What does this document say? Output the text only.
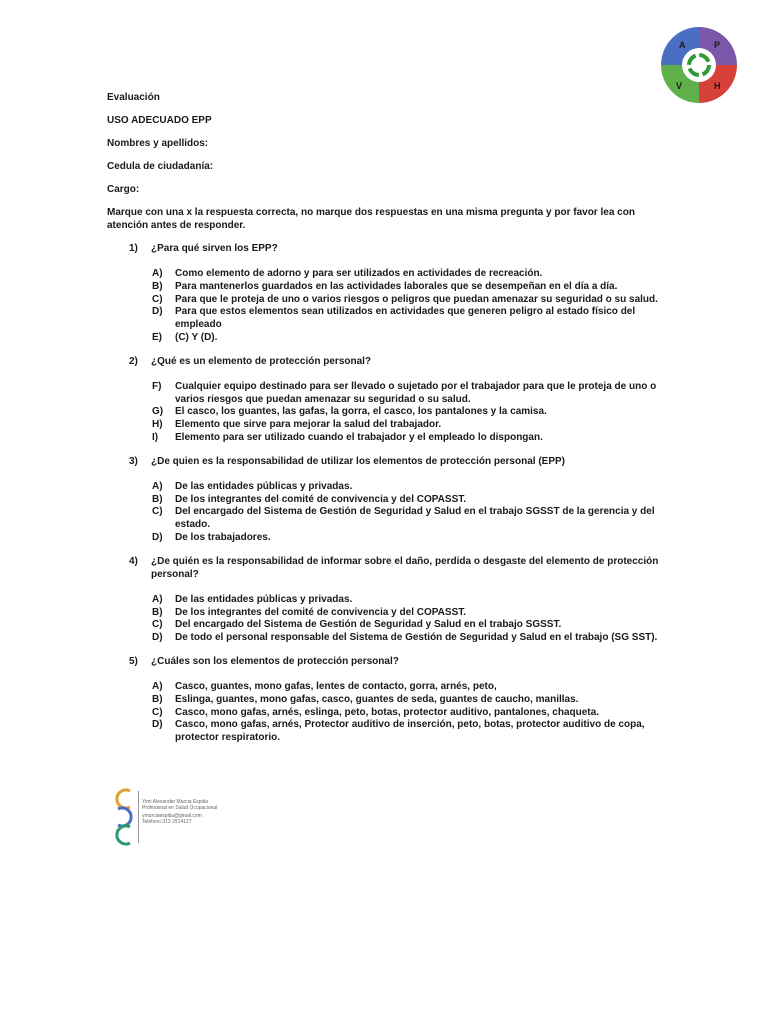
A	P
V	H
Evaluación
USO ADECUADO EPP
Nombres y apellidos:
Cedula de ciudadanía:
Cargo:
Marque con una x la respuesta correcta, no marque dos respuestas en una misma pregunta y por favor lea con atención antes de responder.
1)	¿Para qué sirven los EPP?
A)	Como elemento de adorno y para ser utilizados en actividades de recreación.
B)	Para mantenerlos guardados en las actividades laborales que se desempeñan en el día a día.
C)	Para que le proteja de uno o varios riesgos o peligros que puedan amenazar su seguridad o su salud.
D)	Para que estos elementos sean utilizados en actividades que generen peligro al estado físico del empleado
E)	(C) Y (D).
2)	¿Qué es un elemento de protección personal?
F)	Cualquier equipo destinado para ser llevado o sujetado por el trabajador para que le proteja de uno o varios riesgos que puedan amenazar su seguridad o su salud.
G)	El casco, los guantes, las gafas, la gorra, el casco, los pantalones y la camisa.
H)	Elemento que sirve para mejorar la salud del trabajador.
I)	Elemento para ser utilizado cuando el trabajador y el empleado lo dispongan.
3)	¿De quien es la responsabilidad de utilizar los elementos de protección personal (EPP)
A)	De las entidades públicas y privadas.
B)	De los integrantes del comité de convivencia y del COPASST.
C)	Del encargado del Sistema de Gestión de Seguridad y Salud en el trabajo SGSST de la gerencia y del estado.
D)	De los trabajadores.
4)	¿De quién es la responsabilidad de informar sobre el daño, perdida o desgaste del elemento de protección personal?
A)	De las entidades públicas y privadas.
B)	De los integrantes del comité de convivencia y del COPASST.
C)	Del encargado del Sistema de Gestión de Seguridad y Salud en el trabajo SGSST.
D)	De todo el personal responsable del Sistema de Gestión de Seguridad y Salud en el trabajo (SG SST).
5)	¿Cuáles son los elementos de protección personal?
A)	Casco, guantes, mono gafas, lentes de contacto, gorra, arnés, peto,
B)	Eslinga, guantes, mono gafas, casco, guantes de seda, guantes de caucho, manillas.
C)	Casco, mono gafas, arnés, eslinga, peto, botas, protector auditivo, pantalones, chaqueta.
D)	Casco, mono gafas, arnés, Protector auditivo de inserción, peto, botas, protector auditivo de copa, protector respiratorio.
Yimi Alexander Murcia Espitia
Profesional en Salud Ocupacional
ymurciaespitia@gmail.com
Teléfono 313 2914127
